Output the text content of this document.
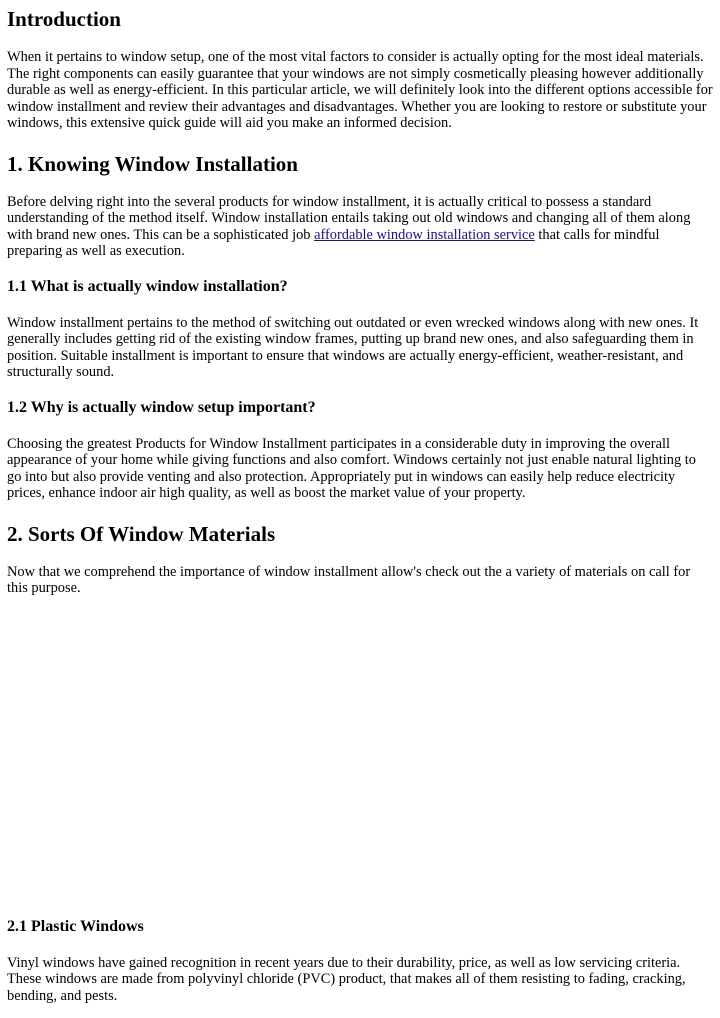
Introduction

When it pertains to window setup, one of the most vital factors to consider is actually opting for the most ideal materials. The right components can easily guarantee that your windows are not simply cosmetically pleasing however additionally durable as well as energy-efficient. In this particular article, we will definitely look into the different options accessible for window installment and review their advantages and disadvantages. Whether you are looking to restore or substitute your windows, this extensive quick guide will aid you make an informed decision.

1. Knowing Window Installation

Before delving right into the several products for window installment, it is actually critical to possess a standard understanding of the method itself. Window installation entails taking out old windows and changing all of them along with brand new ones. This can be a sophisticated job affordable window installation service that calls for mindful preparing as well as execution.

1.1 What is actually window installation?

Window installment pertains to the method of switching out outdated or even wrecked windows along with new ones. It generally includes getting rid of the existing window frames, putting up brand new ones, and also safeguarding them in position. Suitable installment is important to ensure that windows are actually energy-efficient, weather-resistant, and structurally sound.

1.2 Why is actually window setup important?

Choosing the greatest Products for Window Installment participates in a considerable duty in improving the overall appearance of your home while giving functions and also comfort. Windows certainly not just enable natural lighting to go into but also provide venting and also protection. Appropriately put in windows can easily help reduce electricity prices, enhance indoor air high quality, as well as boost the market value of your property.

2. Sorts Of Window Materials

Now that we comprehend the importance of window installment allow's check out the a variety of materials on call for this purpose.

2.1 Plastic Windows

Vinyl windows have gained recognition in recent years due to their durability, price, as well as low servicing criteria. These windows are made from polyvinyl chloride (PVC) product, that makes all of them resisting to fading, cracking, bending, and pests.
